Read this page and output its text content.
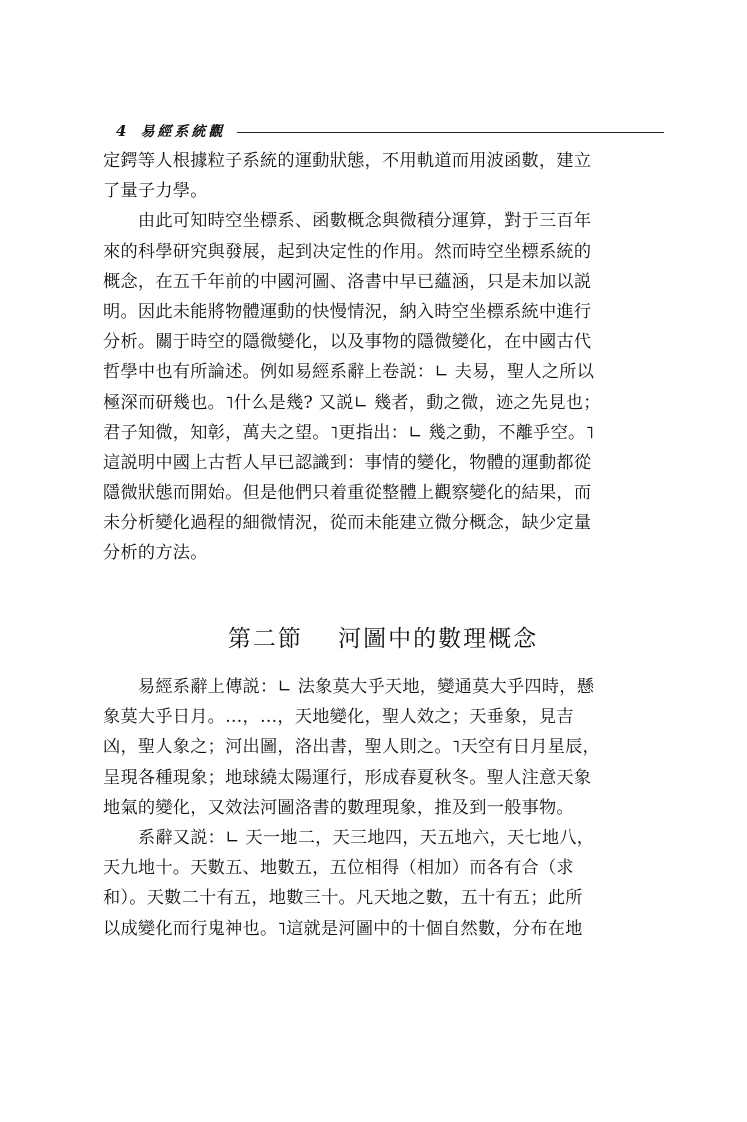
4 易經系統觀
定鍔等人根據粒子系統的運動狀態，不用軌道而用波函數，建立
了量子力學。
　　由此可知時空坐標系、函數概念與微積分運算，對于三百年
來的科學研究與發展，起到决定性的作用。然而時空坐標系統的
概念，在五千年前的中國河圖、洛書中早已蘊涵，只是未加以説
明。因此未能將物體運動的快慢情況，納入時空坐標系統中進行
分析。關于時空的隱微變化，以及事物的隱微變化，在中國古代
哲學中也有所論述。例如易經系辭上卷説：∟ 夫易，聖人之所以
極深而研幾也。˥什么是幾? 又説∟ 幾者，動之微，迹之先見也；
君子知微，知彰，萬夫之望。˥更指出：∟ 幾之動，不離乎空。˥
這説明中國上古哲人早已認識到：事情的變化，物體的運動都從
隱微狀態而開始。但是他們只着重從整體上觀察變化的結果，而
未分析變化過程的細微情況，從而未能建立微分概念，缺少定量
分析的方法。
第二節 河圖中的數理概念
　　易經系辭上傳説：∟ 法象莫大乎天地，變通莫大乎四時，懸
象莫大乎日月。…，…，天地變化，聖人效之；天垂象，見吉
凶，聖人象之；河出圖，洛出書，聖人則之。˥天空有日月星辰，
呈現各種現象；地球繞太陽運行，形成春夏秋冬。聖人注意天象
地氣的變化，又效法河圖洛書的數理現象，推及到一般事物。
　　系辭又説：∟ 天一地二，天三地四，天五地六，天七地八，
天九地十。天數五、地數五，五位相得（相加）而各有合（求
和）。天數二十有五，地數三十。凡天地之數，五十有五；此所
以成變化而行鬼神也。˥這就是河圖中的十個自然數，分布在地
